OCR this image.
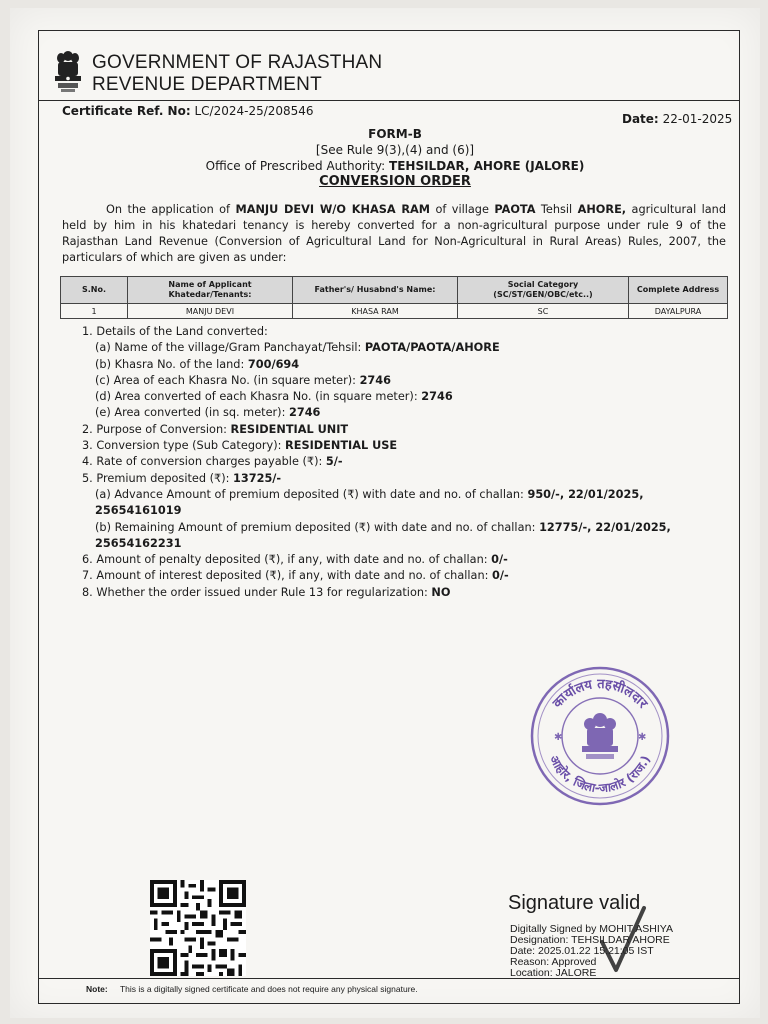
GOVERNMENT OF RAJASTHAN
REVENUE DEPARTMENT
Certificate Ref. No: LC/2024-25/208546
Date: 22-01-2025
FORM-B
[See Rule 9(3),(4) and (6)]
Office of Prescribed Authority: TEHSILDAR, AHORE (JALORE)
CONVERSION ORDER
On the application of MANJU DEVI W/O KHASA RAM of village PAOTA Tehsil AHORE, agricultural land held by him in his khatedari tenancy is hereby converted for a non-agricultural purpose under rule 9 of the Rajasthan Land Revenue (Conversion of Agricultural Land for Non-Agricultural in Rural Areas) Rules, 2007, the particulars of which are given as under:
S.No.	Name of Applicant Khatedar/Tenants:	Father's/ Husabnd's Name:	Social Category (SC/ST/GEN/OBC/etc..)	Complete Address
1	MANJU DEVI	KHASA RAM	SC	DAYALPURA
1. Details of the Land converted:
(a) Name of the village/Gram Panchayat/Tehsil: PAOTA/PAOTA/AHORE
(b) Khasra No. of the land: 700/694
(c) Area of each Khasra No. (in square meter): 2746
(d) Area converted of each Khasra No. (in square meter): 2746
(e) Area converted (in sq. meter): 2746
2. Purpose of Conversion: RESIDENTIAL UNIT
3. Conversion type (Sub Category): RESIDENTIAL USE
4. Rate of conversion charges payable (₹): 5/-
5. Premium deposited (₹): 13725/-
(a) Advance Amount of premium deposited (₹) with date and no. of challan: 950/-, 22/01/2025, 25654161019
(b) Remaining Amount of premium deposited (₹) with date and no. of challan: 12775/-, 22/01/2025,
25654162231
6. Amount of penalty deposited (₹), if any, with date and no. of challan: 0/-
7. Amount of interest deposited (₹), if any, with date and no. of challan: 0/-
8. Whether the order issued under Rule 13 for regularization: NO
कार्यालय तहसीलदार
आहोर, जिला-जालोर (राज.)
✱	✱
Signature valid
Digitally Signed by MOHIT ASHIYA
Designation: TEHSILDAR AHORE
Date: 2025.01.22 15:21:05 IST
Reason: Approved
Location: JALORE
Note: This is a digitally signed certificate and does not require any physical signature.
